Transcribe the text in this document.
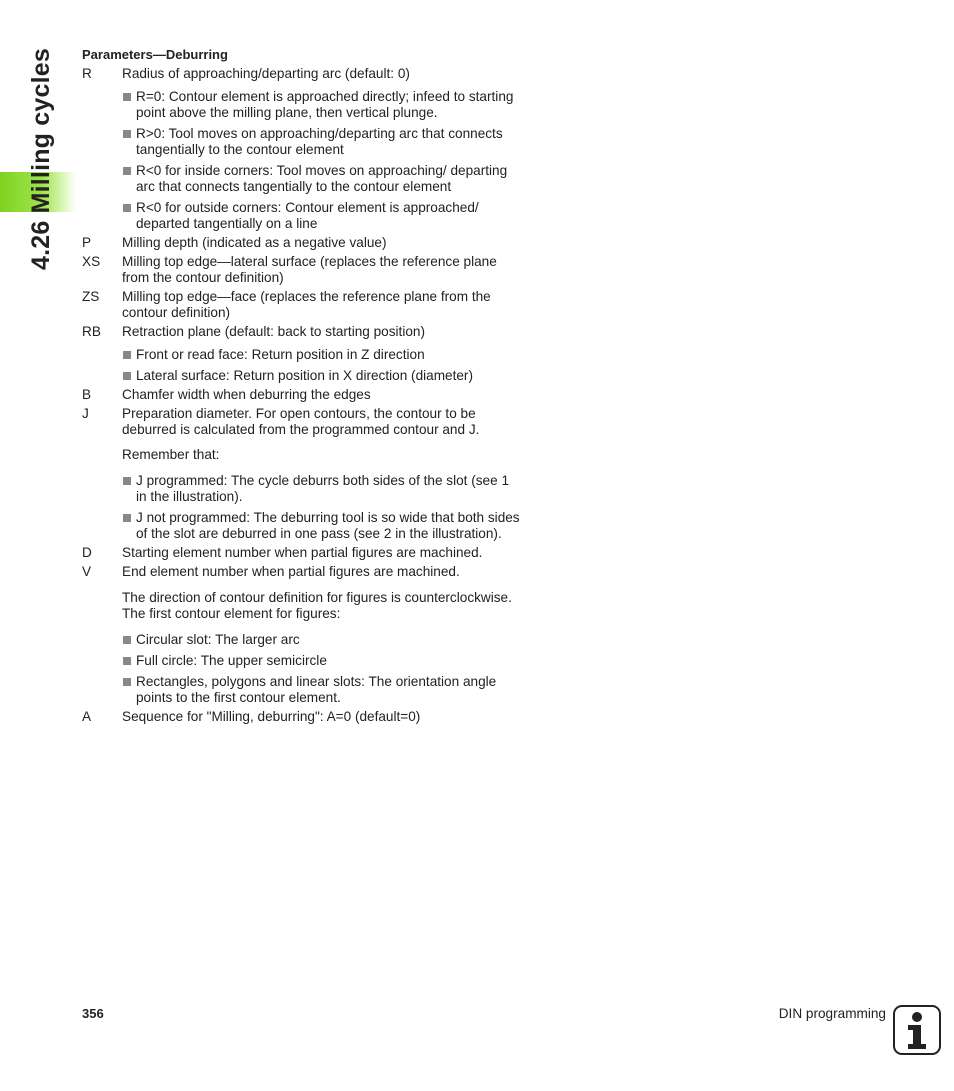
4.26 Milling cycles Parameters—Deburring
R	Radius of approaching/departing arc (default: 0)
R=0: Contour element is approached directly; infeed to starting point above the milling plane, then vertical plunge.
R>0: Tool moves on approaching/departing arc that connects tangentially to the contour element
R<0 for inside corners: Tool moves on approaching/ departing arc that connects tangentially to the contour element
R<0 for outside corners: Contour element is approached/ departed tangentially on a line
P	Milling depth (indicated as a negative value)
XS	Milling top edge—lateral surface (replaces the reference plane from the contour definition)
ZS	Milling top edge—face (replaces the reference plane from the contour definition)
RB	Retraction plane (default: back to starting position)
Front or read face: Return position in Z direction
Lateral surface: Return position in X direction (diameter)
B	Chamfer width when deburring the edges
J	Preparation diameter. For open contours, the contour to be deburred is calculated from the programmed contour and J.
Remember that:
J programmed: The cycle deburrs both sides of the slot (see 1 in the illustration).
J not programmed: The deburring tool is so wide that both sides of the slot are deburred in one pass (see 2 in the illustration).
D	Starting element number when partial figures are machined.
V	End element number when partial figures are machined.
The direction of contour definition for figures is counterclockwise. The first contour element for figures:
Circular slot: The larger arc
Full circle: The upper semicircle
Rectangles, polygons and linear slots: The orientation angle points to the first contour element.
A	Sequence for "Milling, deburring": A=0 (default=0)
356	DIN programming
